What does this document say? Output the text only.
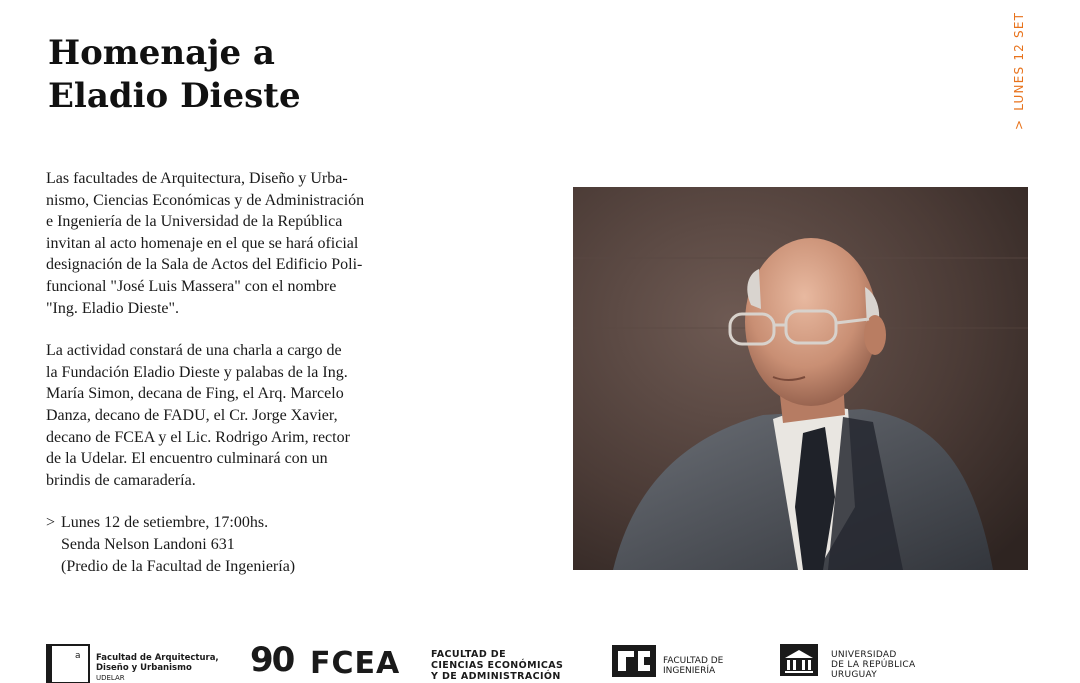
Homenaje a
Eladio Dieste
>LUNES 12 SET
Las facultades de Arquitectura, Diseño y Urba-
nismo, Ciencias Económicas y de Administración
e Ingeniería de la Universidad de la República
invitan al acto homenaje en el que se hará oficial
designación de la Sala de Actos del Edificio Poli-
funcional "José Luis Massera" con el nombre
"Ing. Eladio Dieste".
La actividad constará de una charla a cargo de
la Fundación Eladio Dieste y palabas de la Ing.
María Simon, decana de Fing, el Arq. Marcelo
Danza, decano de FADU, el Cr. Jorge Xavier,
decano de FCEA y el Lic. Rodrigo Arim, rector
de la Udelar. El encuentro culminará con un
brindis de camaradería.
> Lunes 12 de setiembre, 17:00hs.
Senda Nelson Landoni 631
(Predio de la Facultad de Ingeniería)
a Facultad de Arquitectura,
Diseño y Urbanismo
UDELAR	90 FCEA	FACULTAD DE
CIENCIAS ECONÓMICAS
Y DE ADMINISTRACIÓN
FACULTAD DE
INGENIERÍA
UNIVERSIDAD
DE LA REPÚBLICA
URUGUAY
